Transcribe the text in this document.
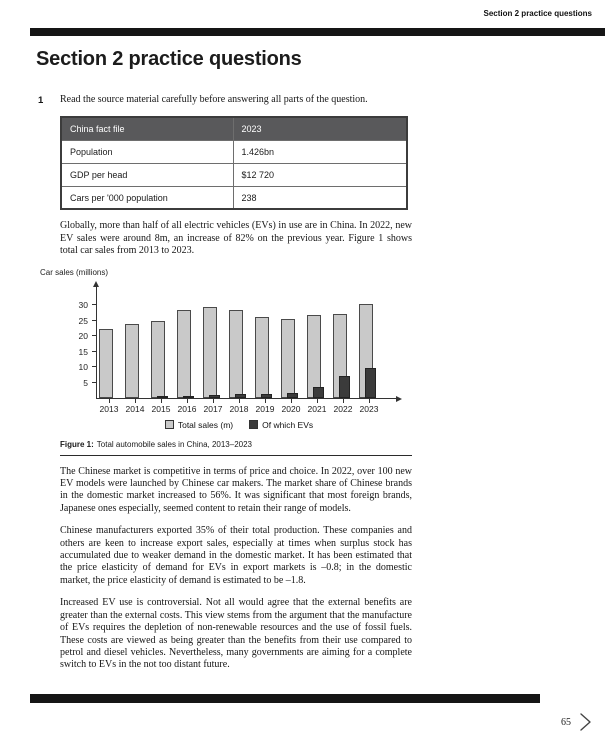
Section 2 practice questions
Section 2 practice questions
1	Read the source material carefully before answering all parts of the question.

China fact file	2023
Population	1.426bn
GDP per head	$12 720
Cars per '000 population	238

Globally, more than half of all electric vehicles (EVs) in use are in China. In 2022, new EV sales were around 8m, an increase of 82% on the previous year. Figure 1 shows total car sales from 2013 to 2023.

Car sales (millions)
5
10
15
20
25
30
2013 2014 2015 2016 2017 2018 2019 2020 2021 2022 2023
Total sales (m)	Of which EVs
Figure 1: Total automobile sales in China, 2013–2023

The Chinese market is competitive in terms of price and choice. In 2022, over 100 new EV models were launched by Chinese car makers. The market share of Chinese brands in the domestic market increased to 56%. It was significant that most foreign brands, Japanese ones especially, seemed content to retain their range of models.

Chinese manufacturers exported 35% of their total production. These companies and others are keen to increase export sales, especially at times when surplus stock has accumulated due to weaker demand in the domestic market. It has been estimated that the price elasticity of demand for EVs in export markets is –0.8; in the domestic market, the price elasticity of demand is estimated to be –1.8.

Increased EV use is controversial. Not all would agree that the external benefits are greater than the external costs. This view stems from the argument that the manufacture of EVs requires the depletion of non-renewable resources and the use of fossil fuels. These costs are viewed as being greater than the benefits from their use compared to petrol and diesel vehicles. Nevertheless, many governments are aiming for a complete switch to EVs in the not too distant future.

65
